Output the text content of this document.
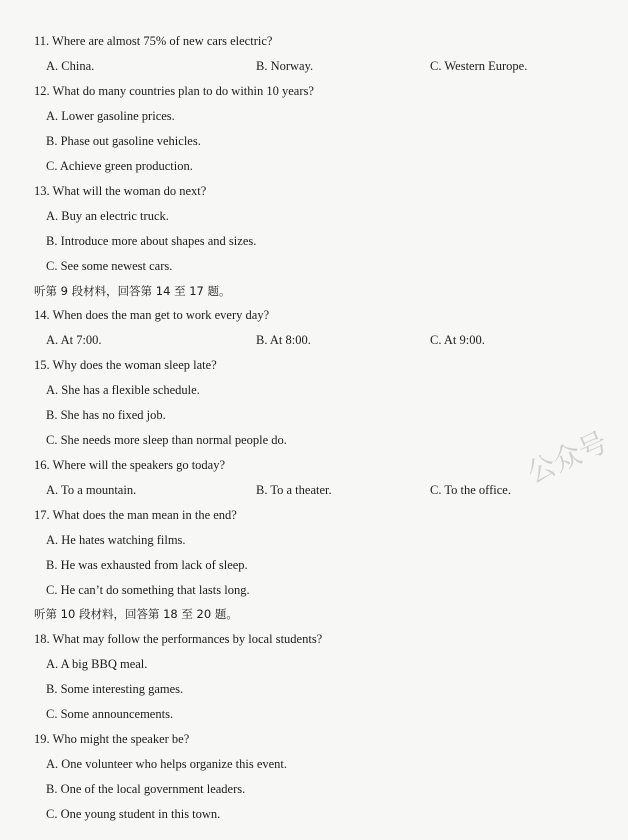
11. Where are almost 75% of new cars electric?
A. China.	B. Norway.	C. Western Europe.
12. What do many countries plan to do within 10 years?
A. Lower gasoline prices.
B. Phase out gasoline vehicles.
C. Achieve green production.
13. What will the woman do next?
A. Buy an electric truck.
B. Introduce more about shapes and sizes.
C. See some newest cars.
听第 9 段材料，回答第 14 至 17 题。
14. When does the man get to work every day?
A. At 7:00.	B. At 8:00.	C. At 9:00.
15. Why does the woman sleep late?
A. She has a flexible schedule.
B. She has no fixed job.
C. She needs more sleep than normal people do.
16. Where will the speakers go today?
A. To a mountain.	B. To a theater.	C. To the office.
17. What does the man mean in the end?
A. He hates watching films.
B. He was exhausted from lack of sleep.
C. He can’t do something that lasts long.
听第 10 段材料，回答第 18 至 20 题。
18. What may follow the performances by local students?
A. A big BBQ meal.
B. Some interesting games.
C. Some announcements.
19. Who might the speaker be?
A. One volunteer who helps organize this event.
B. One of the local government leaders.
C. One young student in this town.
公众号
